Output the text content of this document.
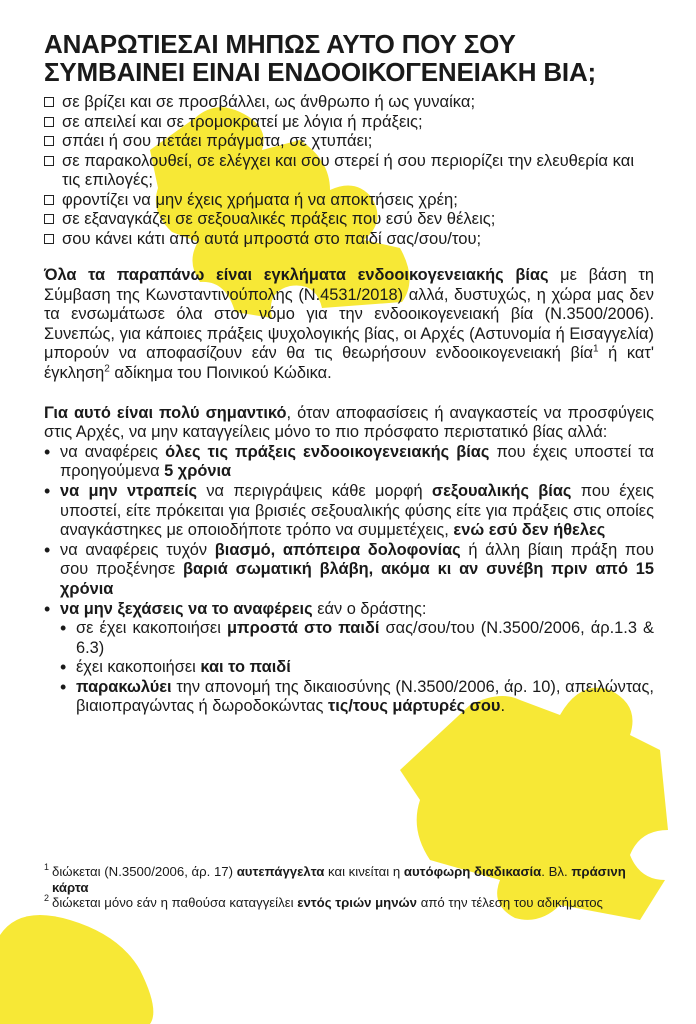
ΑΝΑΡΩΤΙΕΣΑΙ ΜΗΠΩΣ ΑΥΤΟ ΠΟΥ ΣΟΥ ΣΥΜΒΑΙΝΕΙ ΕΙΝΑΙ ΕΝΔΟΟΙΚΟΓΕΝΕΙΑΚΗ ΒΙΑ;
σε βρίζει και σε προσβάλλει, ως άνθρωπο ή ως γυναίκα;
σε απειλεί και σε τρομοκρατεί με λόγια ή πράξεις;
σπάει ή σου πετάει πράγματα, σε χτυπάει;
σε παρακολουθεί, σε ελέγχει και σου στερεί ή σου περιορίζει την ελευθερία και τις επιλογές;
φροντίζει να μην έχεις χρήματα ή να αποκτήσεις χρέη;
σε εξαναγκάζει σε σεξουαλικές πράξεις που εσύ δεν θέλεις;
σου κάνει κάτι από αυτά μπροστά στο παιδί σας/σου/του;

Όλα τα παραπάνω είναι εγκλήματα ενδοοικογενειακής βίας με βάση τη Σύμβαση της Κωνσταντινούπολης (Ν.4531/2018) αλλά, δυστυχώς, η χώρα μας δεν τα ενσωμάτωσε όλα στον νόμο για την ενδοοικογενειακή βία (Ν.3500/2006). Συνεπώς, για κάποιες πράξεις ψυχολογικής βίας, οι Αρχές (Αστυνομία ή Εισαγγελία) μπορούν να αποφασίζουν εάν θα τις θεωρήσουν ενδοοικογενειακή βία$^1$ ή κατ' έγκληση$^2$ αδίκημα του Ποινικού Κώδικα.

Για αυτό είναι πολύ σημαντικό, όταν αποφασίσεις ή αναγκαστείς να προσφύγεις στις Αρχές, να μην καταγγείλεις μόνο το πιο πρόσφατο περιστατικό βίας αλλά:

• να αναφέρεις όλες τις πράξεις ενδοοικογενειακής βίας που έχεις υποστεί τα προηγούμενα 5 χρόνια
• να μην ντραπείς να περιγράψεις κάθε μορφή σεξουαλικής βίας που έχεις υποστεί, είτε πρόκειται για βρισιές σεξουαλικής φύσης είτε για πράξεις στις οποίες αναγκάστηκες με οποιοδήποτε τρόπο να συμμετέχεις, ενώ εσύ δεν ήθελες
• να αναφέρεις τυχόν βιασμό, απόπειρα δολοφονίας ή άλλη βίαιη πράξη που σου προξένησε βαριά σωματική βλάβη, ακόμα κι αν συνέβη πριν από 15 χρόνια
• να μην ξεχάσεις να το αναφέρεις εάν ο δράστης:
• σε έχει κακοποιήσει μπροστά στο παιδί σας/σου/του (Ν.3500/2006, άρ.1.3 & 6.3)
• έχει κακοποιήσει και το παιδί
• παρακωλύει την απονομή της δικαιοσύνης (Ν.3500/2006, άρ. 10), απειλώντας, βιαιοπραγώντας ή δωροδοκώντας τις/τους μάρτυρές σου.
1 διώκεται (Ν.3500/2006, άρ. 17) αυτεπάγγελτα και κινείται η αυτόφωρη διαδικασία. Βλ. πράσινη κάρτα
2 διώκεται μόνο εάν η παθούσα καταγγείλει εντός τριών μηνών από την τέλεση του αδικήματος
